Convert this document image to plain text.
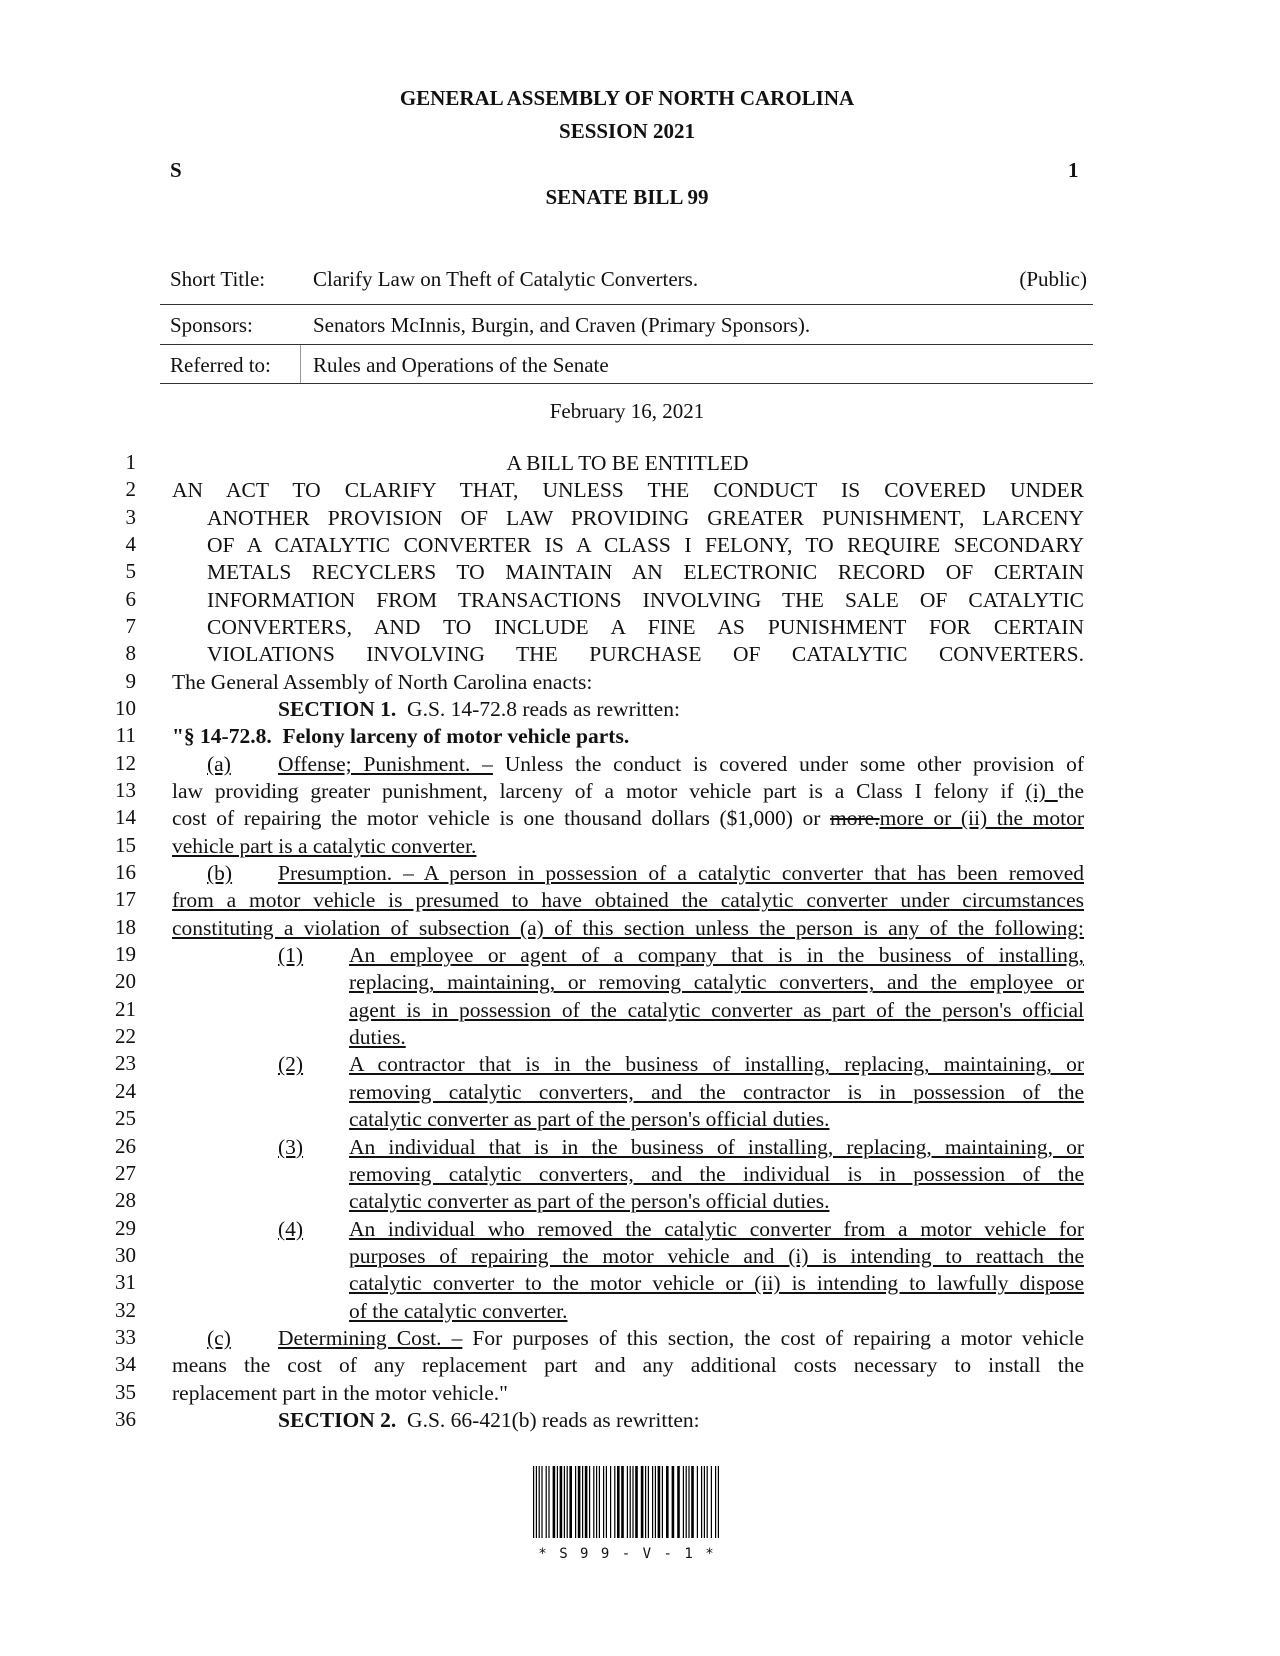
GENERAL ASSEMBLY OF NORTH CAROLINA
SESSION 2021
S	1
SENATE BILL 99
Short Title: Clarify Law on Theft of Catalytic Converters.	(Public)
Sponsors:	Senators McInnis, Burgin, and Craven (Primary Sponsors).
Referred to: Rules and Operations of the Senate
February 16, 2021
1	A BILL TO BE ENTITLED
2 AN ACT TO CLARIFY THAT, UNLESS THE CONDUCT IS COVERED UNDER
3	ANOTHER PROVISION OF LAW PROVIDING GREATER PUNISHMENT, LARCENY
4	OF A CATALYTIC CONVERTER IS A CLASS I FELONY, TO REQUIRE SECONDARY
5	METALS RECYCLERS TO MAINTAIN AN ELECTRONIC RECORD OF CERTAIN
6	INFORMATION FROM TRANSACTIONS INVOLVING THE SALE OF CATALYTIC
7	CONVERTERS, AND TO INCLUDE A FINE AS PUNISHMENT FOR CERTAIN
8	VIOLATIONS INVOLVING THE PURCHASE OF CATALYTIC CONVERTERS.
9 The General Assembly of North Carolina enacts:
10	SECTION 1.  G.S. 14-72.8 reads as rewritten:
11 "§ 14-72.8.  Felony larceny of motor vehicle parts.
12	(a) Offense; Punishment. – Unless the conduct is covered under some other provision of
13 law providing greater punishment, larceny of a motor vehicle part is a Class I felony if (i) the
14 cost of repairing the motor vehicle is one thousand dollars ($1,000) or more.more or (ii) the motor
15 vehicle part is a catalytic converter.
16	(b) Presumption. – A person in possession of a catalytic converter that has been removed
17 from a motor vehicle is presumed to have obtained the catalytic converter under circumstances
18 constituting a violation of subsection (a) of this section unless the person is any of the following:
19	(1) An employee or agent of a company that is in the business of installing,
20	replacing, maintaining, or removing catalytic converters, and the employee or
21	agent is in possession of the catalytic converter as part of the person's official
22	duties.
23	(2) A contractor that is in the business of installing, replacing, maintaining, or
24	removing catalytic converters, and the contractor is in possession of the
25	catalytic converter as part of the person's official duties.
26	(3) An individual that is in the business of installing, replacing, maintaining, or
27	removing catalytic converters, and the individual is in possession of the
28	catalytic converter as part of the person's official duties.
29	(4) An individual who removed the catalytic converter from a motor vehicle for
30	purposes of repairing the motor vehicle and (i) is intending to reattach the
31	catalytic converter to the motor vehicle or (ii) is intending to lawfully dispose
32	of the catalytic converter.
33	(c) Determining Cost. – For purposes of this section, the cost of repairing a motor vehicle
34 means the cost of any replacement part and any additional costs necessary to install the
35 replacement part in the motor vehicle."
36	SECTION 2.  G.S. 66-421(b) reads as rewritten:
* S 9 9 - V - 1 *
